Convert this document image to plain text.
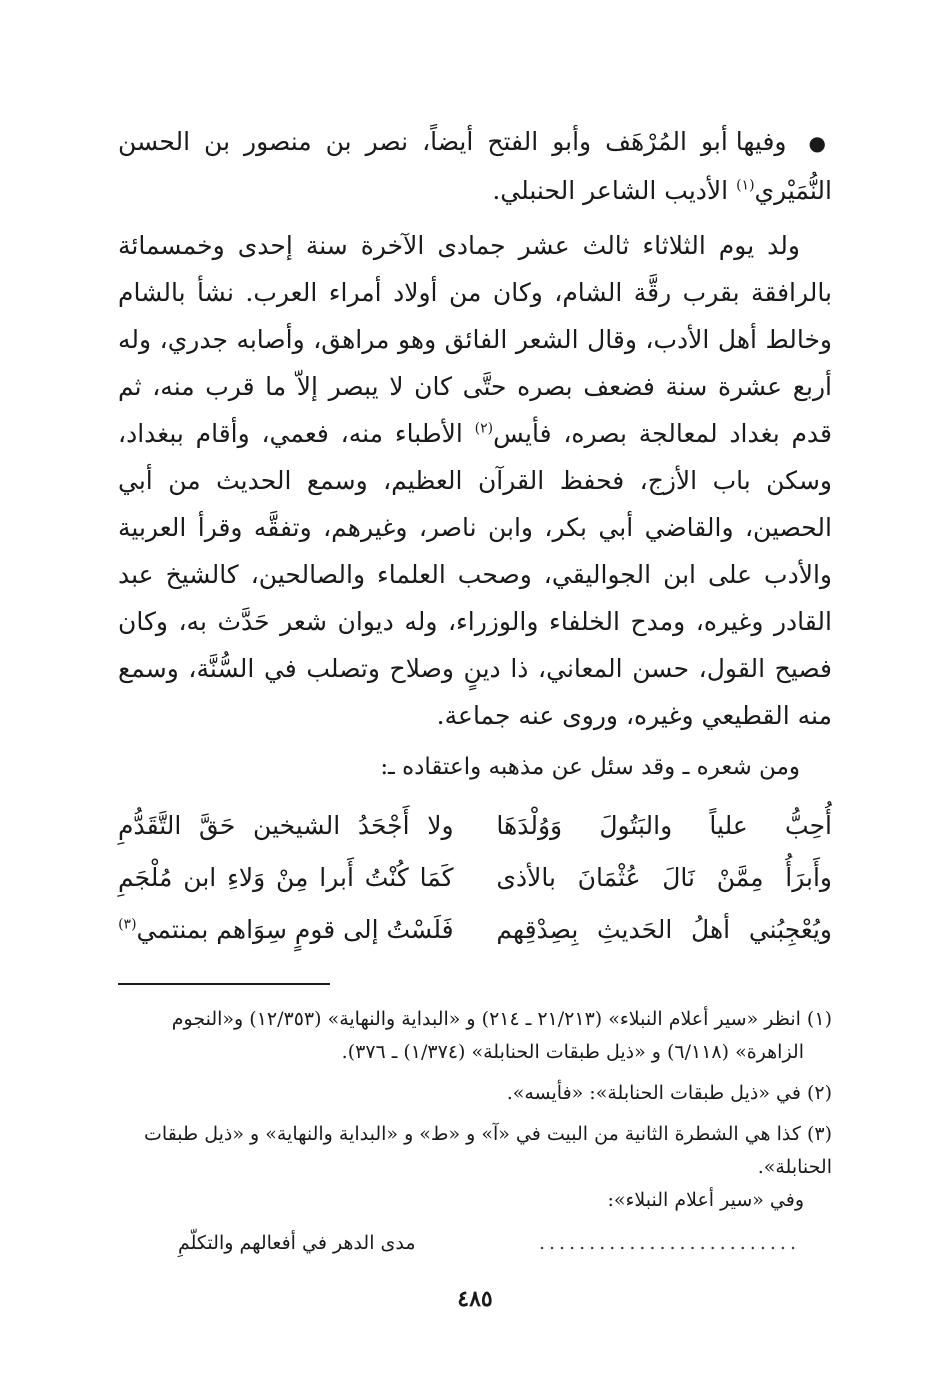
● وفيها أبو المُرْهَف وأبو الفتح أيضاً، نصر بن منصور بن الحسن النُّمَيْري$^{(١)}$ الأديب الشاعر الحنبلي.

ولد يوم الثلاثاء ثالث عشر جمادى الآخرة سنة إحدى وخمسمائة بالرافقة بقرب رقَّة الشام، وكان من أولاد أمراء العرب. نشأ بالشام وخالط أهل الأدب، وقال الشعر الفائق وهو مراهق، وأصابه جدري، وله أربع عشرة سنة فضعف بصره حتَّى كان لا يبصر إلاّ ما قرب منه، ثم قدم بغداد لمعالجة بصره، فأيس$^{(٢)}$ الأطباء منه، فعمي، وأقام ببغداد، وسكن باب الأزج، فحفظ القرآن العظيم، وسمع الحديث من أبي الحصين، والقاضي أبي بكر، وابن ناصر، وغيرهم، وتفقَّه وقرأ العربية والأدب على ابن الجواليقي، وصحب العلماء والصالحين، كالشيخ عبد القادر وغيره، ومدح الخلفاء والوزراء، وله ديوان شعر حَدَّث به، وكان فصيح القول، حسن المعاني، ذا دينٍ وصلاح وتصلب في السُّنَّة، وسمع منه القطيعي وغيره، وروى عنه جماعة.

ومن شعره ـ وقد سئل عن مذهبه واعتقاده ـ:

أُحِبُّ علياً والبَتُولَ وَوُلْدَهَا
ولا أَجْحَدُ الشيخين حَقَّ التَّقَدُّمِ
وأَبرَأُ مِمَّنْ نَالَ عُثْمَانَ بالأذى
كَمَا كُنْتُ أَبرا مِنْ وَلاءِ ابن مُلْجَمِ
ويُعْجِبُني أهلُ الحَديثِ بِصِدْقِهم
فَلَسْتُ إلى قومٍ سِوَاهم بمنتمي$^{(٣)}$

(١) انظر «سير أعلام النبلاء» (٢١/٢١٣ ـ ٢١٤) و «البداية والنهاية» (١٢/٣٥٣) و«النجوم
الزاهرة» (٦/١١٨) و «ذيل طبقات الحنابلة» (١/٣٧٤) ـ ٣٧٦).

(٢) في «ذيل طبقات الحنابلة»: «فأيسه».

(٣) كذا هي الشطرة الثانية من البيت في «آ» و «ط» و «البداية والنهاية» و «ذيل طبقات الحنابلة».
وفي «سير أعلام النبلاء»:

..........................
مدى الدهر في أفعالهم والتكلّمِ
٤٨٥
